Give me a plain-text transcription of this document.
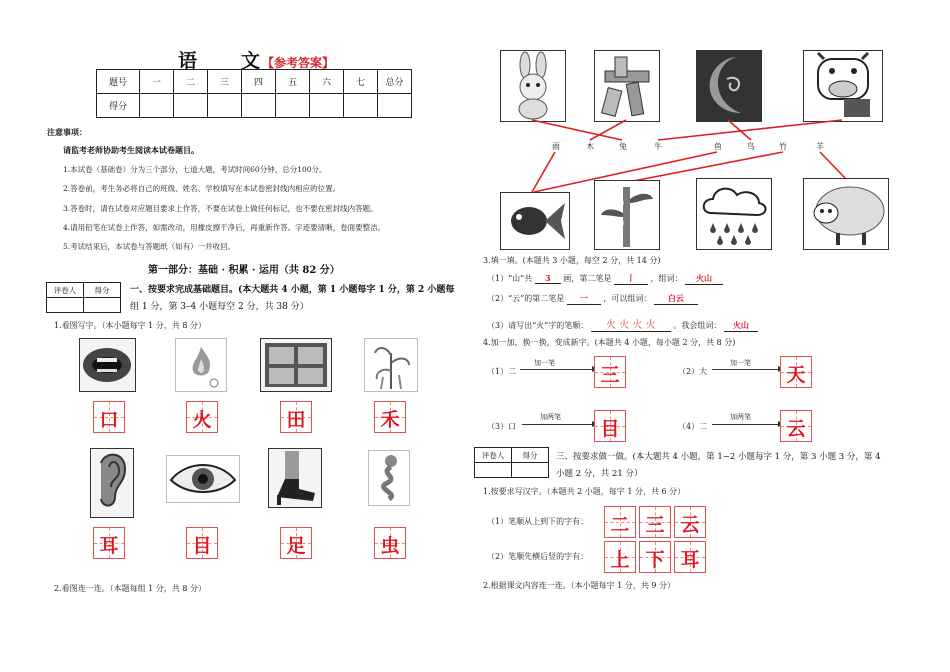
语　　文【参考答案】
题号	一	二	三	四	五	六	七	总分
得分								
注意事项：
请监考老师协助考生阅读本试卷题目。
1.本试卷（基础卷）分为三个部分，七道大题，考试时间60分钟，总分100分。
2.答卷前，考生务必将自己的班级、姓名、学校填写在本试卷密封线内相应的位置。
3.答卷时，请在试卷对应题目要求上作答，不要在试卷上做任何标记，也不要在密封线内答题。
4.请用铅笔在试卷上作答，如需改动，用橡皮擦干净后，再重新作答。字迹要清晰，卷面要整洁。
5.考试结束后，本试卷与答题纸（如有）一并收回。
第一部分：基础 · 积累 · 运用（共 82 分）
评卷人	得分
	一、按要求完成基础题目。(本大题共 4 小题，第 1 小题每字 1 分，第 2 小题每
组 1 分，第 3–4 小题每空 2 分，共 38 分）
1.看图写字。（本小题每字 1 分，共 8 分）
口	火	田	禾
耳	目	足	虫
2.看图连一连。（本题每组 1 分，共 8 分）
雨	木	兔	牛	鱼	鸟	竹	羊
3.填一填。(本题共 3 小题，每空 2 分，共 14 分)
（1）“山”共 3 画，第二笔是 丨 ，组词： 火山
（2）“云”的第二笔是 一 ，可以组词： 白云
（3）请写出“火”字的笔顺： 火 火 火 火 。我会组词： 火山
4.加一加，换一换，变成新字。(本题共 4 小题，每小题 2 分，共 8 分)
（1）二
加一笔
三	（2）大
加一笔
天
（3）口
加两笔
目	（4）二
加两笔
云
评卷人	得分
	三、按要求做一做。(本大题共 4 小题，第 1~2 小题每字 1 分，第 3 小题 3 分，第 4
小题 2 分，共 21 分）
1.按要求写汉字。（本题共 2 小题，每字 1 分，共 6 分）
（1）笔顺从上到下的字有： 二 三 云
（2）笔顺先横后竖的字有： 上 下 耳
2.根据课文内容连一连。（本小题每字 1 分，共 9 分）
